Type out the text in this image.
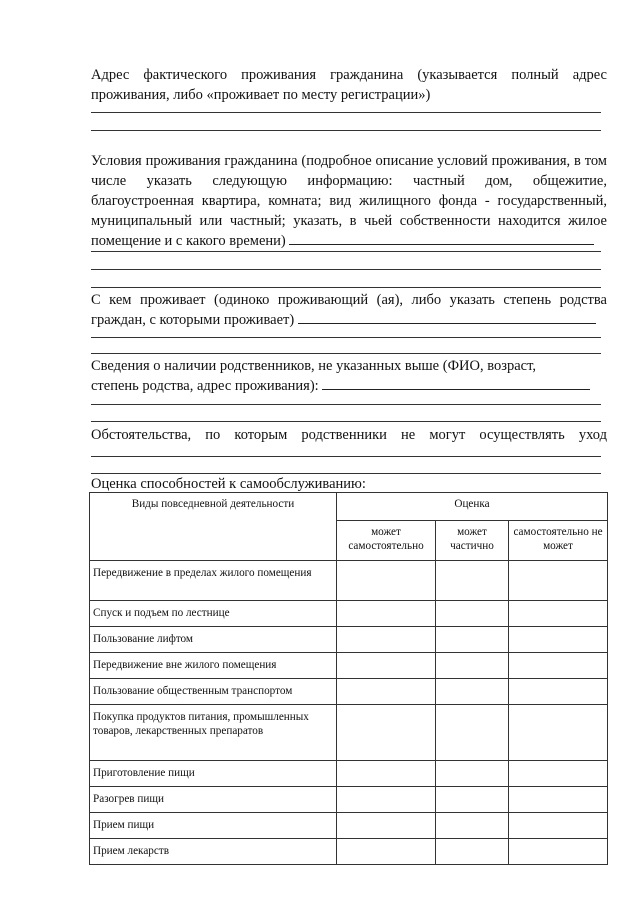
Адрес фактического проживания гражданина (указывается полный адрес проживания, либо «проживает по месту регистрации»)
Условия проживания гражданина (подробное описание условий проживания, в том числе указать следующую информацию: частный дом, общежитие, благоустроенная квартира, комната; вид жилищного фонда - государственный, муниципальный или частный; указать, в чьей собственности находится жилое помещение и с какого времени)
С кем проживает (одиноко проживающий (ая), либо указать степень родства граждан, с которыми проживает)
Сведения о наличии родственников, не указанных выше (ФИО, возраст,
степень родства, адрес проживания):
Обстоятельства, по которым родственники не могут осуществлять уход
Оценка способностей к самообслуживанию:
Виды повседневной деятельности	Оценка		
	может самостоятельно	может частично	самостоятельно не может
Передвижение в пределах жилого помещения			
Спуск и подъем по лестнице			
Пользование лифтом			
Передвижение вне жилого помещения			
Пользование общественным транспортом			
Покупка продуктов питания, промышленных товаров, лекарственных препаратов			
Приготовление пищи			
Разогрев пищи			
Прием пищи			
Прием лекарств			
